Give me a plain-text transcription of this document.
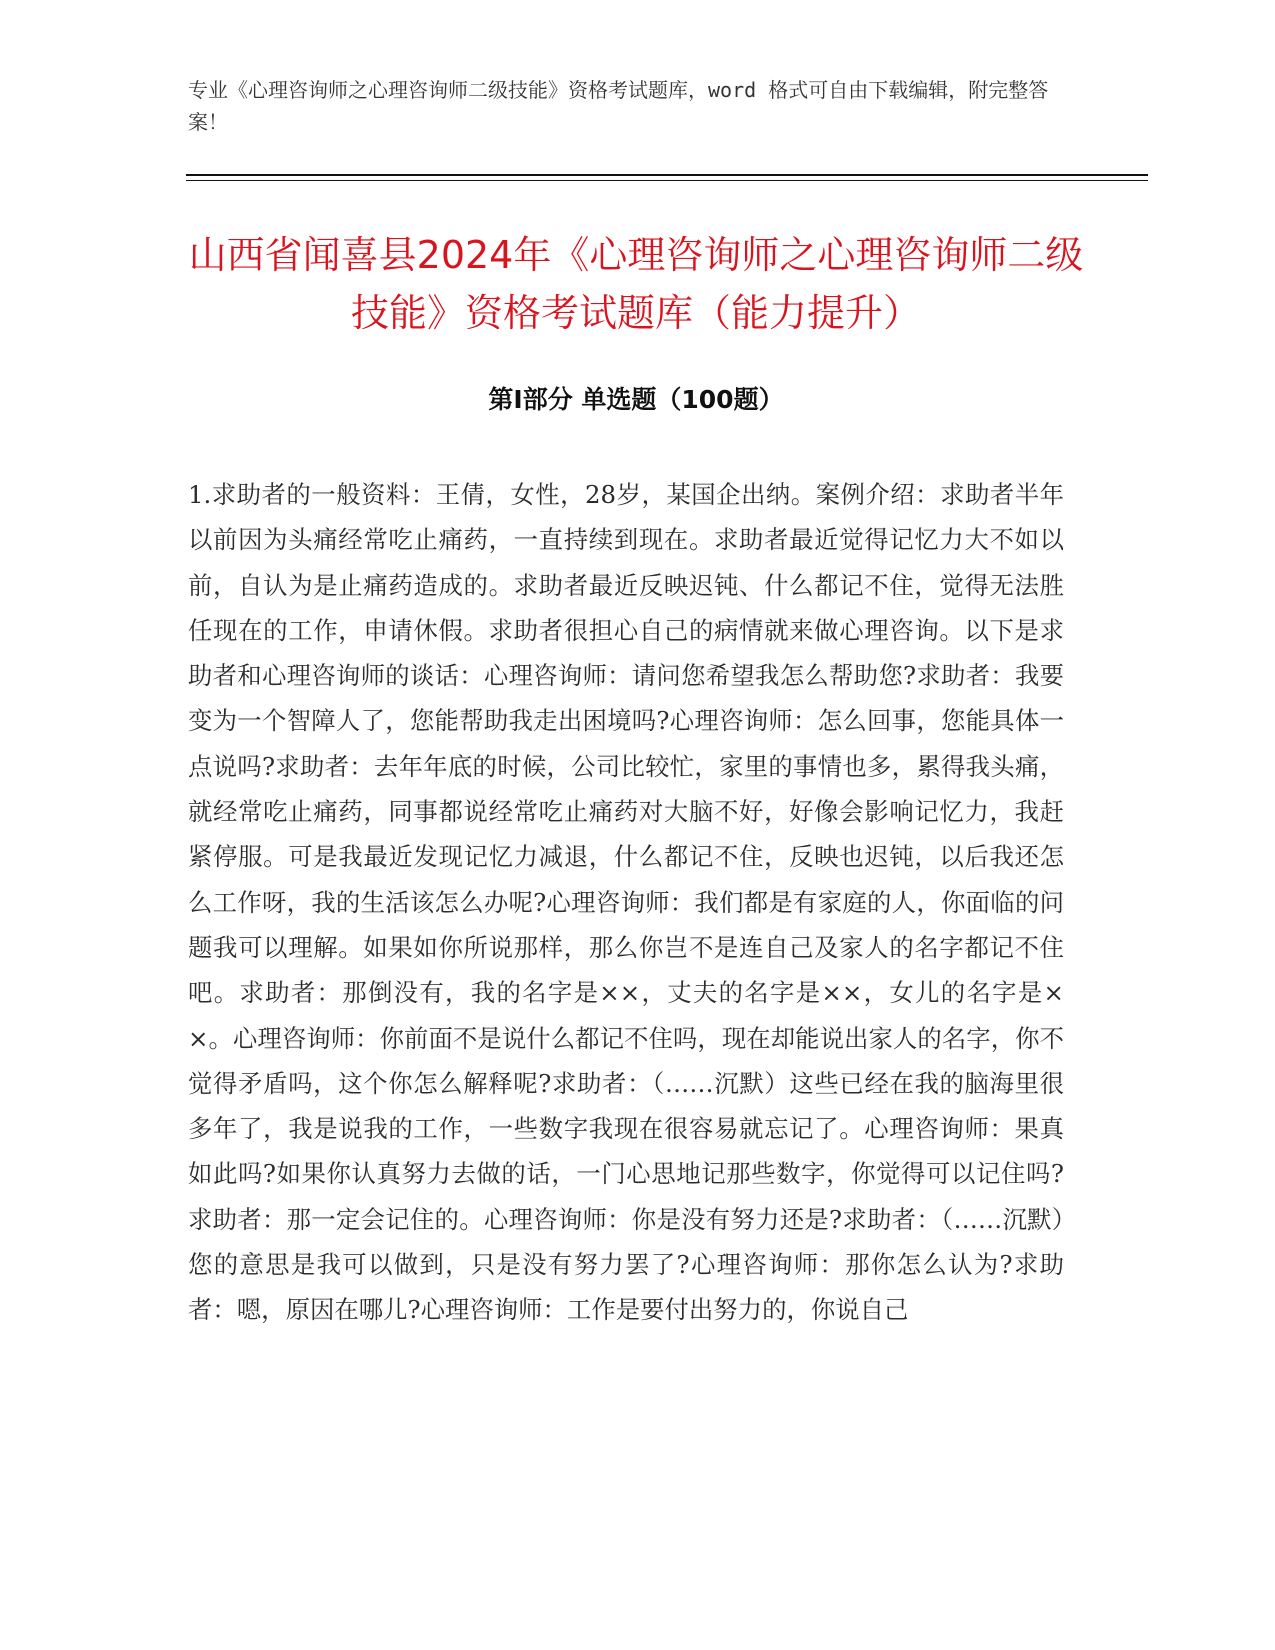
专业《心理咨询师之心理咨询师二级技能》资格考试题库，word 格式可自由下载编辑，附完整答案！
山西省闻喜县2024年《心理咨询师之心理咨询师二级技能》资格考试题库（能力提升）
第Ⅰ部分 单选题（100题）

1.求助者的一般资料：王倩，女性，28岁，某国企出纳。案例介绍：求助者半年以前因为头痛经常吃止痛药，一直持续到现在。求助者最近觉得记忆力大不如以前，自认为是止痛药造成的。求助者最近反映迟钝、什么都记不住，觉得无法胜任现在的工作，申请休假。求助者很担心自己的病情就来做心理咨询。以下是求助者和心理咨询师的谈话：心理咨询师：请问您希望我怎么帮助您?求助者：我要变为一个智障人了，您能帮助我走出困境吗?心理咨询师：怎么回事，您能具体一点说吗?求助者：去年年底的时候，公司比较忙，家里的事情也多，累得我头痛，就经常吃止痛药，同事都说经常吃止痛药对大脑不好，好像会影响记忆力，我赶紧停服。可是我最近发现记忆力减退，什么都记不住，反映也迟钝，以后我还怎么工作呀，我的生活该怎么办呢?心理咨询师：我们都是有家庭的人，你面临的问题我可以理解。如果如你所说那样，那么你岂不是连自己及家人的名字都记不住吧。求助者：那倒没有，我的名字是××，丈夫的名字是××，女儿的名字是××。心理咨询师：你前面不是说什么都记不住吗，现在却能说出家人的名字，你不觉得矛盾吗，这个你怎么解释呢?求助者：（……沉默）这些已经在我的脑海里很多年了，我是说我的工作，一些数字我现在很容易就忘记了。心理咨询师：果真如此吗?如果你认真努力去做的话，一门心思地记那些数字，你觉得可以记住吗?求助者：那一定会记住的。心理咨询师：你是没有努力还是?求助者：（……沉默）您的意思是我可以做到，只是没有努力罢了?心理咨询师：那你怎么认为?求助者：嗯，原因在哪儿?心理咨询师：工作是要付出努力的，你说自己
